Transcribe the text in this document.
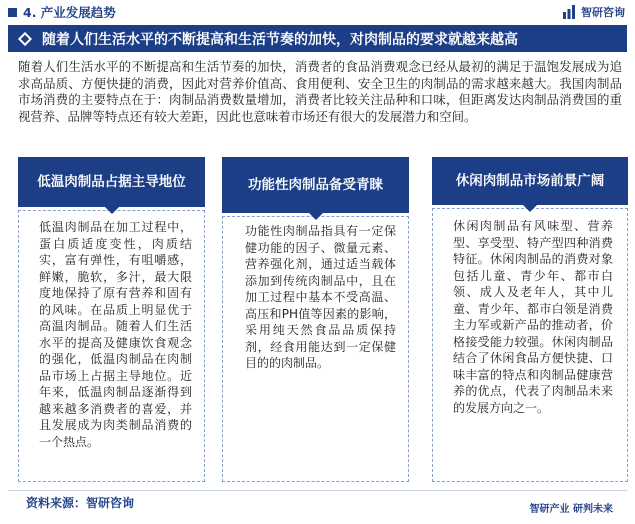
4. 产业发展趋势	智研咨询
随着人们生活水平的不断提高和生活节奏的加快，对肉制品的要求就越来越高

随着人们生活水平的不断提高和生活节奏的加快，消费者的食品消费观念已经从最初的满足于温饱发展成为追求高品质、方便快捷的消费，因此对营养价值高、食用便利、安全卫生的肉制品的需求越来越大。我国肉制品市场消费的主要特点在于：肉制品消费数量增加，消费者比较关注品种和口味，但距离发达肉制品消费国的重视营养、品牌等特点还有较大差距，因此也意味着市场还有很大的发展潜力和空间。

低温肉制品占据主导地位
低温肉制品在加工过程中，蛋白质适度变性，肉质结实，富有弹性，有咀嚼感，鲜嫩，脆软，多汁，最大限度地保持了原有营养和固有的风味。在品质上明显优于高温肉制品。随着人们生活水平的提高及健康饮食观念的强化，低温肉制品在肉制品市场上占据主导地位。近年来，低温肉制品逐渐得到越来越多消费者的喜爱，并且发展成为肉类制品消费的一个热点。
功能性肉制品备受青睐
功能性肉制品指具有一定保健功能的因子、微量元素、营养强化剂，通过适当载体添加到传统肉制品中，且在加工过程中基本不受高温、高压和PH值等因素的影响，采用纯天然食品品质保持剂，经食用能达到一定保健目的的肉制品。
休闲肉制品市场前景广阔
休闲肉制品有风味型、营养型、享受型、特产型四种消费特征。休闲肉制品的消费对象包括儿童、青少年、都市白领、成人及老年人，其中儿童、青少年、都市白领是消费主力军或新产品的推动者，价格接受能力较强。休闲肉制品结合了休闲食品方便快捷、口味丰富的特点和肉制品健康营养的优点，代表了肉制品未来的发展方向之一。
资料来源：智研咨询	智研产业 研判未来
